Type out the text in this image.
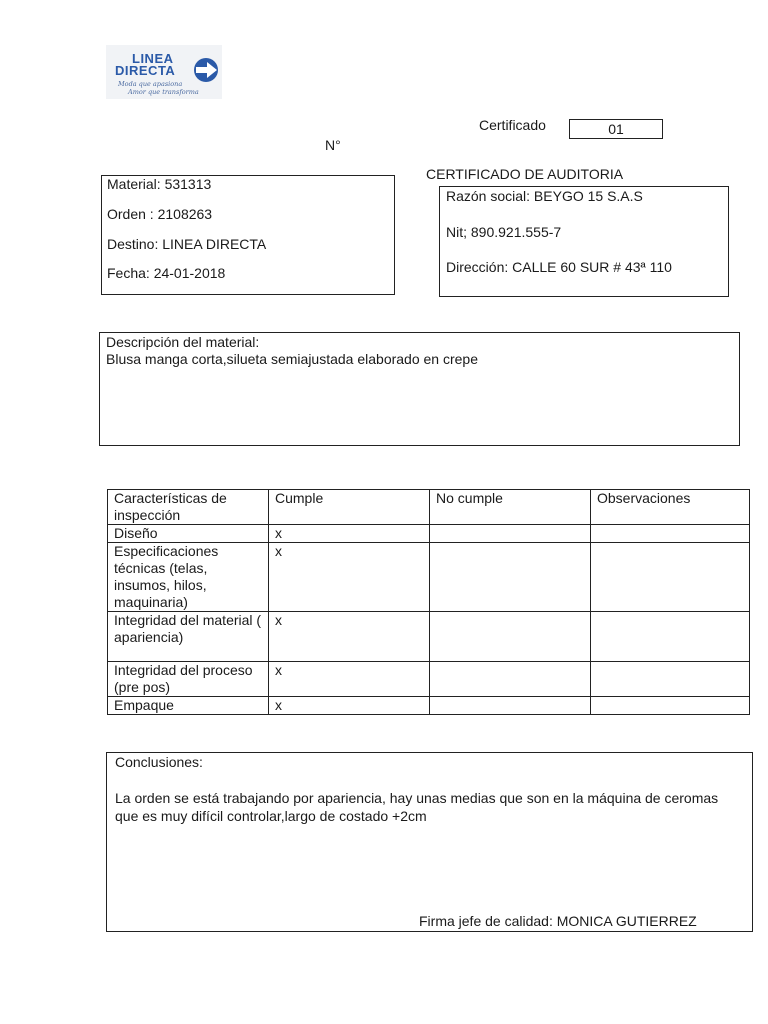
LINEA
DIRECTA
Moda que apasiona
Amor que transforma
Certificado	01
N°
CERTIFICADO DE AUDITORIA
Material: 531313
Orden : 2108263
Destino: LINEA DIRECTA
Fecha: 24-01-2018
Razón social: BEYGO 15 S.A.S
Nit; 890.921.555-7
Dirección: CALLE 60 SUR # 43ª 110
Descripción del material:
Blusa manga corta,silueta semiajustada elaborado en crepe
Características de inspección	Cumple	No cumple	Observaciones
Diseño	x		
Especificaciones técnicas (telas, insumos, hilos, maquinaria)	x		
Integridad del material ( apariencia)	x		
Integridad del proceso (pre pos)	x		
Empaque	x		
Conclusiones:
La orden se está trabajando por apariencia, hay unas medias que son en la máquina de ceromas que es muy difícil controlar,largo de costado +2cm
Firma jefe de calidad: MONICA GUTIERREZ
